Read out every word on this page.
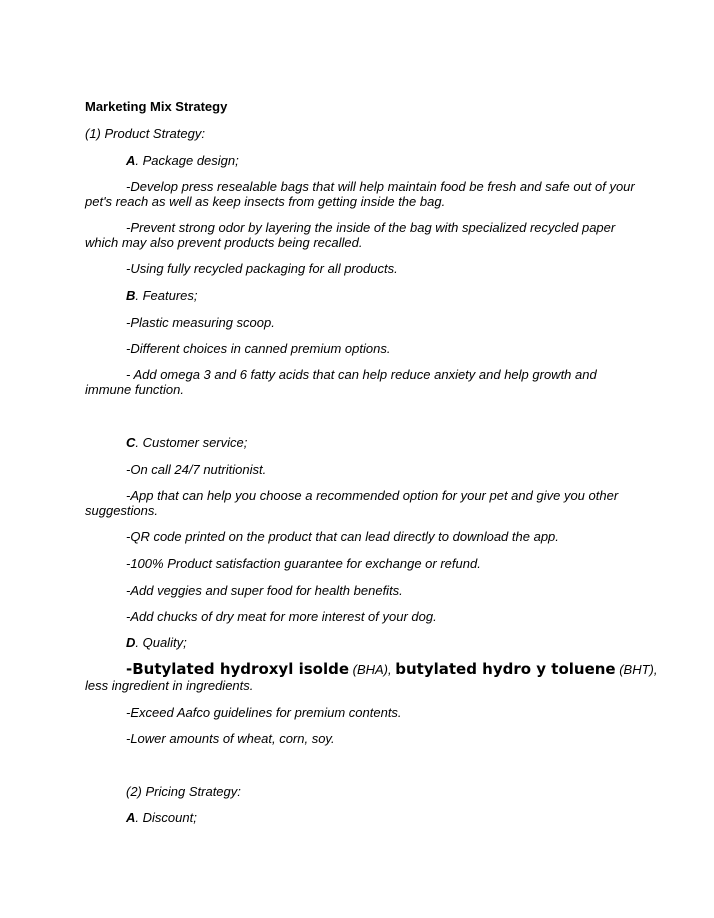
Marketing Mix Strategy
(1) Product Strategy:
A. Package design;
-Develop press resealable bags that will help maintain food be fresh and safe out of your
pet's reach as well as keep insects from getting inside the bag.
-Prevent strong odor by layering the inside of the bag with specialized recycled paper
which may also prevent products being recalled.
-Using fully recycled packaging for all products.
B. Features;
-Plastic measuring scoop.
-Different choices in canned premium options.
- Add omega 3 and 6 fatty acids that can help reduce anxiety and help growth and
immune function.
C. Customer service;
-On call 24/7 nutritionist.
-App that can help you choose a recommended option for your pet and give you other
suggestions.
-QR code printed on the product that can lead directly to download the app.
-100% Product satisfaction guarantee for exchange or refund.
-Add veggies and super food for health benefits.
-Add chucks of dry meat for more interest of your dog.
D. Quality;
-Butylated hydroxyl isolde (BHA), butylated hydro y toluene (BHT),
less ingredient in ingredients.
-Exceed Aafco guidelines for premium contents.
-Lower amounts of wheat, corn, soy.
(2) Pricing Strategy:
A. Discount;
